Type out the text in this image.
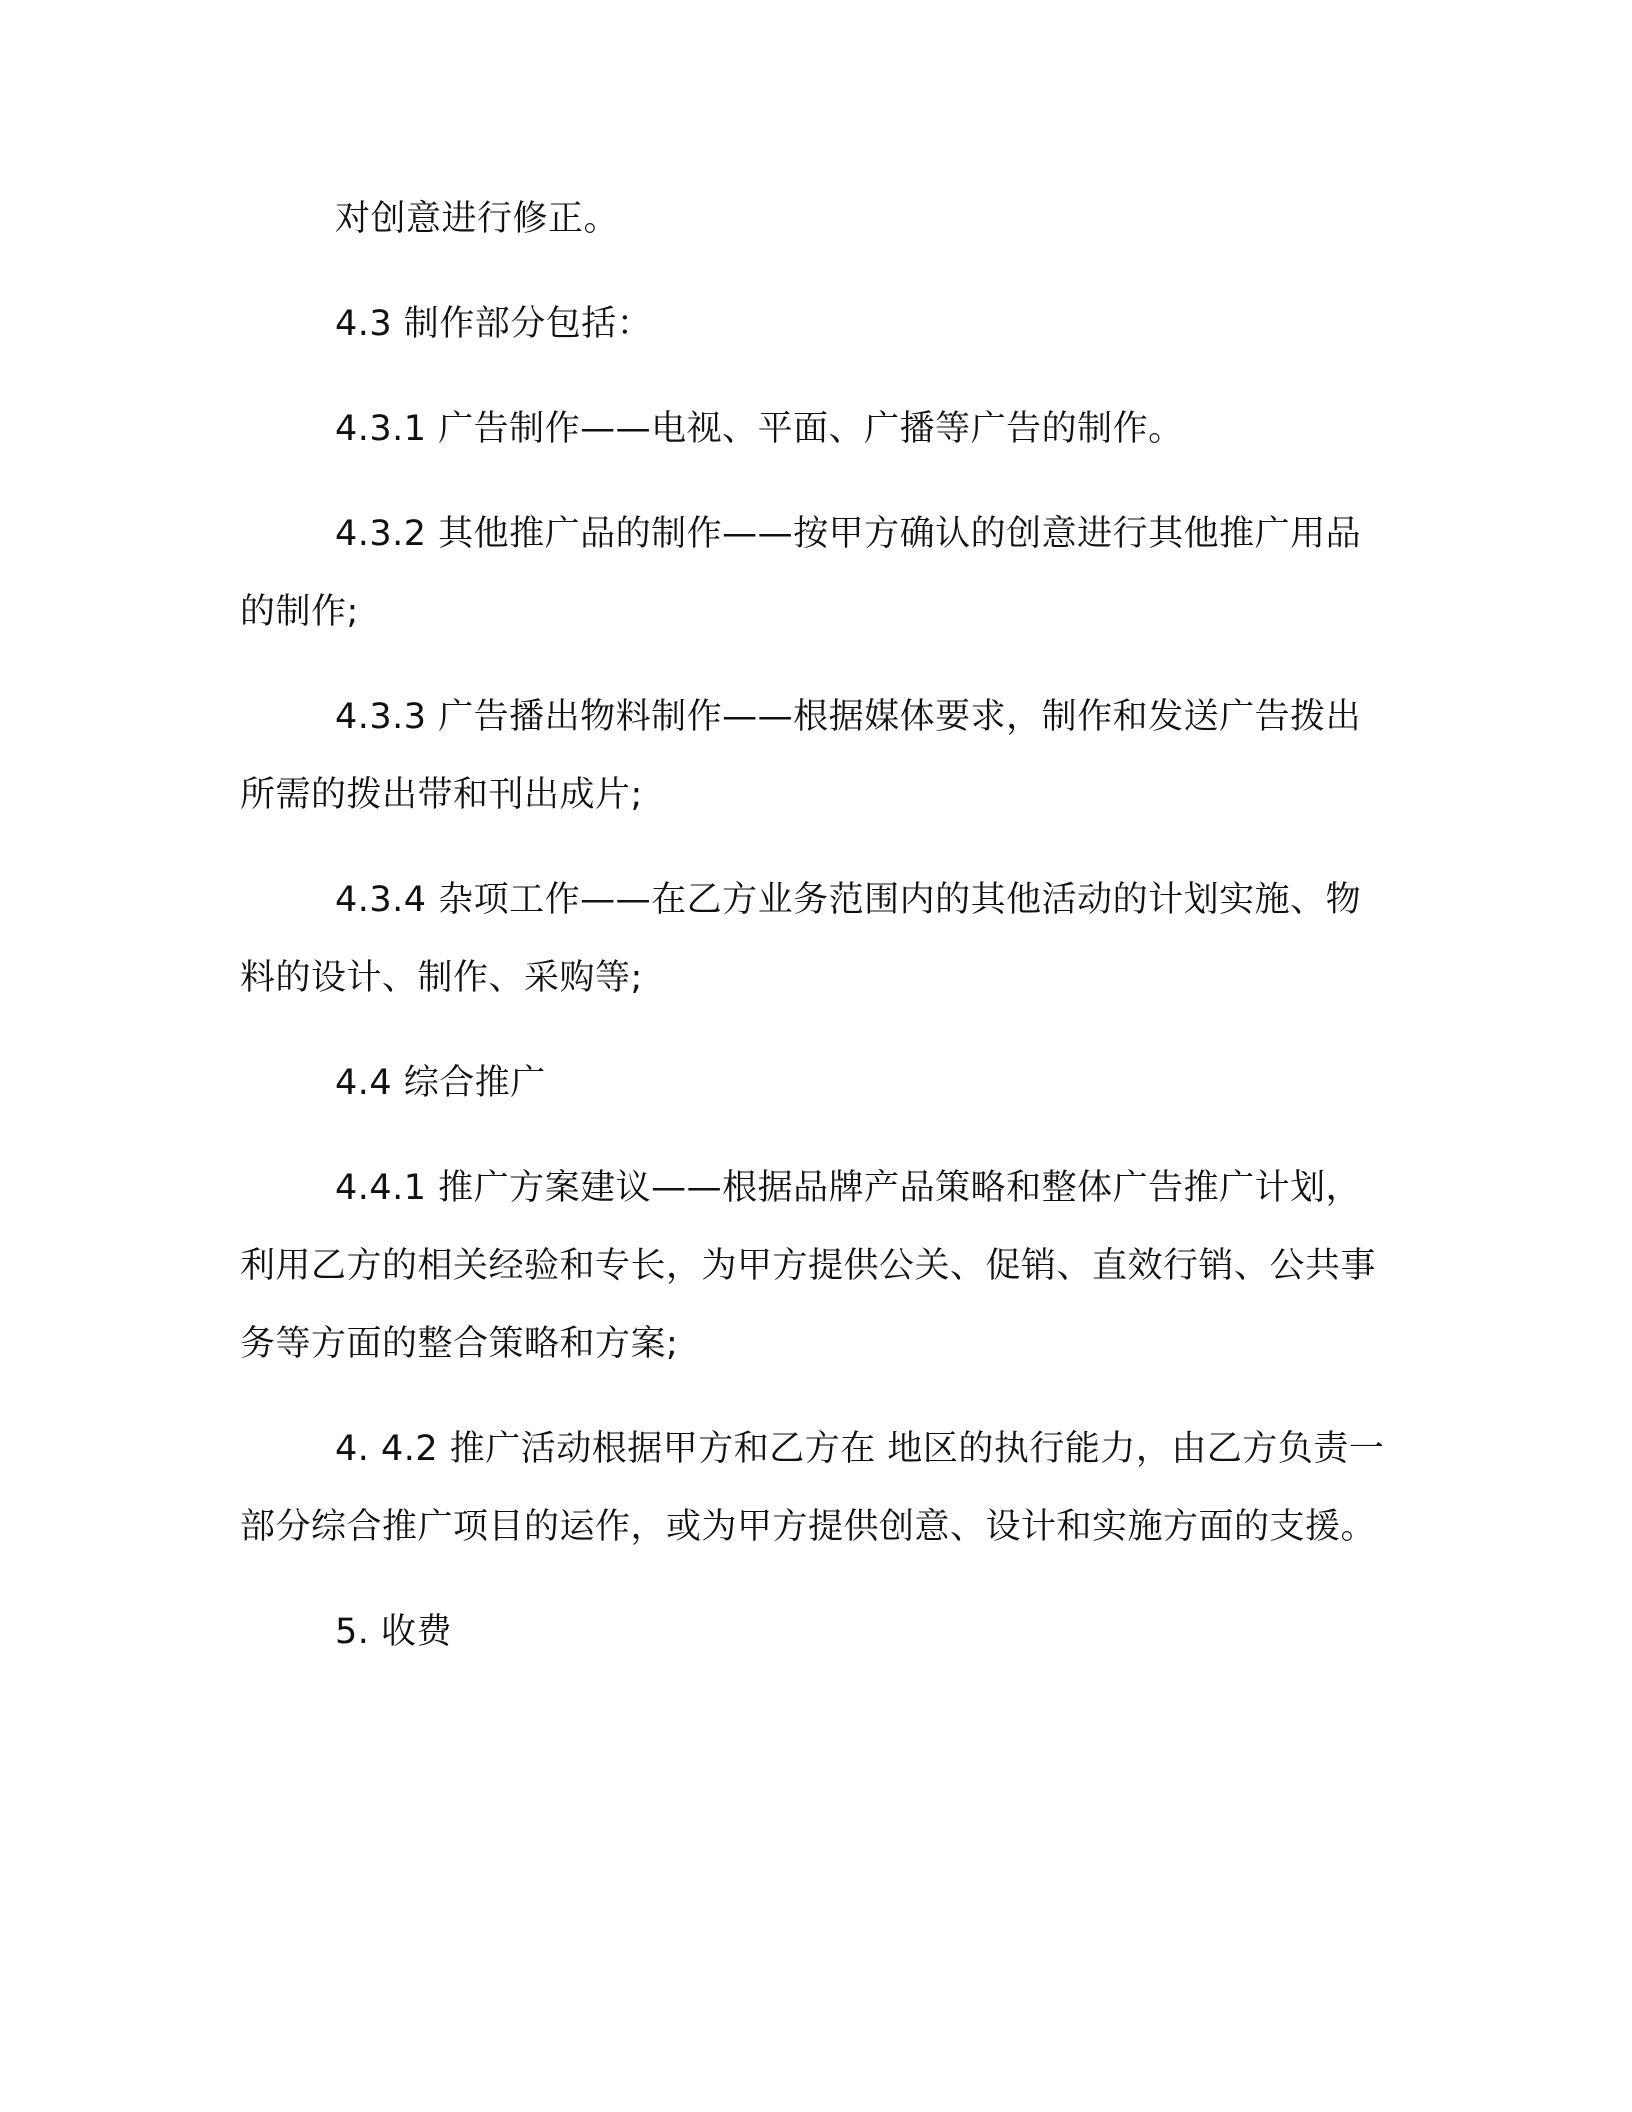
对创意进行修正。

4.3 制作部分包括：

4.3.1 广告制作——电视、平面、广播等广告的制作。

4.3.2 其他推广品的制作——按甲方确认的创意进行其他推广用品的制作;

4.3.3 广告播出物料制作——根据媒体要求，制作和发送广告拨出所需的拨出带和刊出成片;

4.3.4 杂项工作——在乙方业务范围内的其他活动的计划实施、物料的设计、制作、采购等;

4.4 综合推广

4.4.1 推广方案建议——根据品牌产品策略和整体广告推广计划，利用乙方的相关经验和专长，为甲方提供公关、促销、直效行销、公共事务等方面的整合策略和方案;

4. 4.2 推广活动根据甲方和乙方在 地区的执行能力，由乙方负责一部分综合推广项目的运作，或为甲方提供创意、设计和实施方面的支援。

5. 收费
